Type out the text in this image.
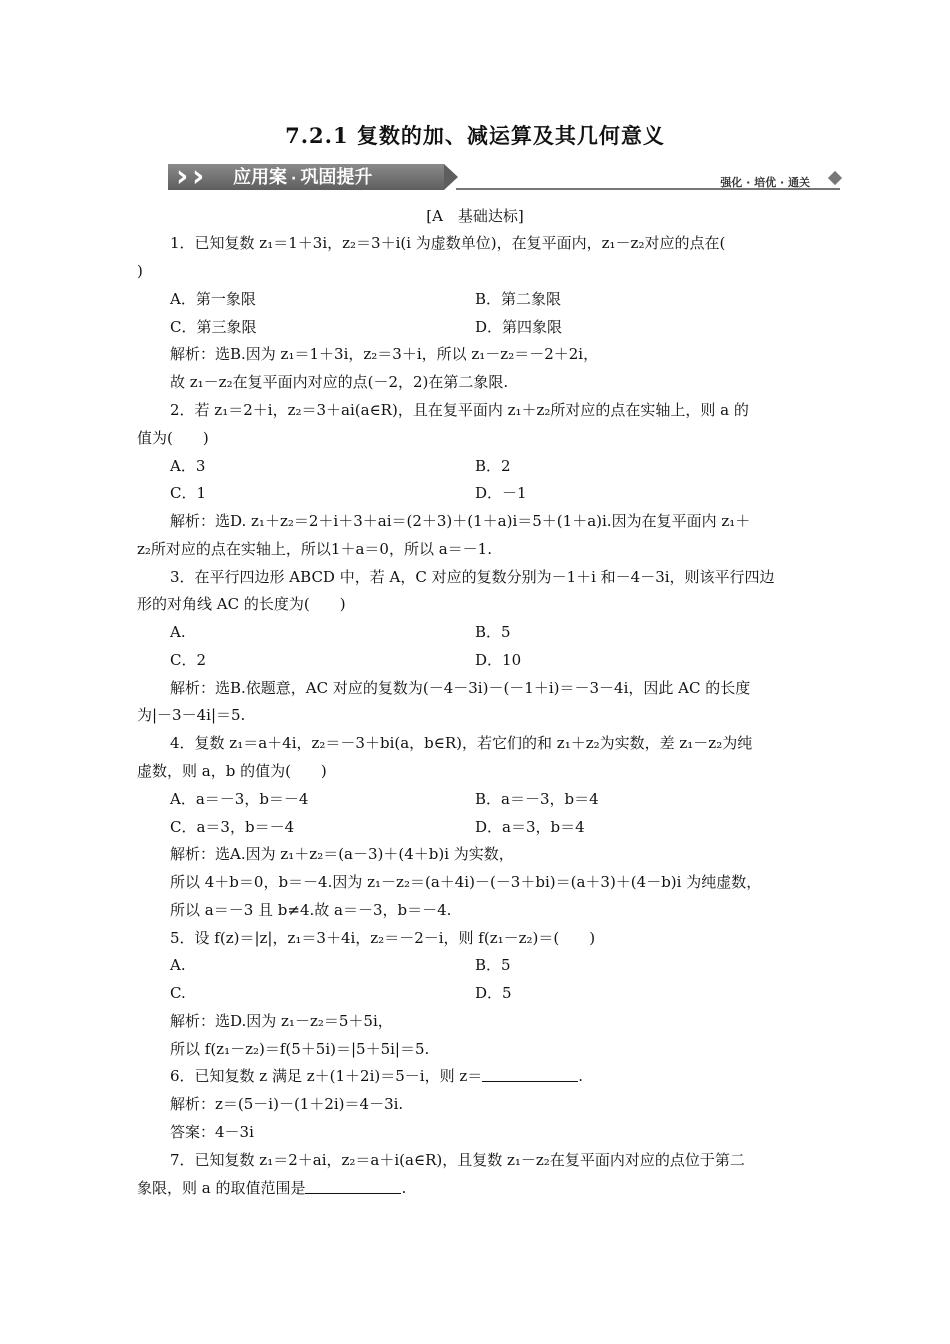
7.2.1 复数的加、减运算及其几何意义
› ›	应用案 · 巩固提升	强化 · 培优 · 通关
[A　基础达标]
1．已知复数 z₁＝1＋3i，z₂＝3＋i(i 为虚数单位)，在复平面内，z₁－z₂对应的点在(
)
A．第一象限	B．第二象限
C．第三象限	D．第四象限
解析：选B.因为 z₁＝1＋3i，z₂＝3＋i，所以 z₁－z₂＝－2＋2i，
故 z₁－z₂在复平面内对应的点(－2，2)在第二象限.
2．若 z₁＝2＋i，z₂＝3＋ai(a∈R)，且在复平面内 z₁＋z₂所对应的点在实轴上，则 a 的
值为(　　)
A．3	B．2
C．1	D．－1
解析：选D. z₁＋z₂＝2＋i＋3＋ai＝(2＋3)＋(1＋a)i＝5＋(1＋a)i.因为在复平面内 z₁＋
z₂所对应的点在实轴上，所以1＋a＝0，所以 a＝－1.
3．在平行四边形 ABCD 中，若 A，C 对应的复数分别为－1＋i 和－4－3i，则该平行四边
形的对角线 AC 的长度为(　　)
A.	B．5
C．2	D．10
解析：选B.依题意，AC 对应的复数为(－4－3i)－(－1＋i)＝－3－4i，因此 AC 的长度
为|－3－4i|＝5.
4．复数 z₁＝a＋4i，z₂＝－3＋bi(a，b∈R)，若它们的和 z₁＋z₂为实数，差 z₁－z₂为纯
虚数，则 a，b 的值为(　　)
A．a＝－3，b＝－4	B．a＝－3，b＝4
C．a＝3，b＝－4	D．a＝3，b＝4
解析：选A.因为 z₁＋z₂＝(a－3)＋(4＋b)i 为实数，
所以 4＋b＝0，b＝－4.因为 z₁－z₂＝(a＋4i)－(－3＋bi)＝(a＋3)＋(4－b)i 为纯虚数，
所以 a＝－3 且 b≠4.故 a＝－3，b＝－4.
5．设 f(z)＝|z|，z₁＝3＋4i，z₂＝－2－i，则 f(z₁－z₂)＝(　　)
A.	B．5
C.	D．5
解析：选D.因为 z₁－z₂＝5＋5i，
所以 f(z₁－z₂)＝f(5＋5i)＝|5＋5i|＝5.
6．已知复数 z 满足 z＋(1＋2i)＝5－i，则 z＝	.
解析：z＝(5－i)－(1＋2i)＝4－3i.
答案：4－3i
7．已知复数 z₁＝2＋ai，z₂＝a＋i(a∈R)，且复数 z₁－z₂在复平面内对应的点位于第二
象限，则 a 的取值范围是	.
